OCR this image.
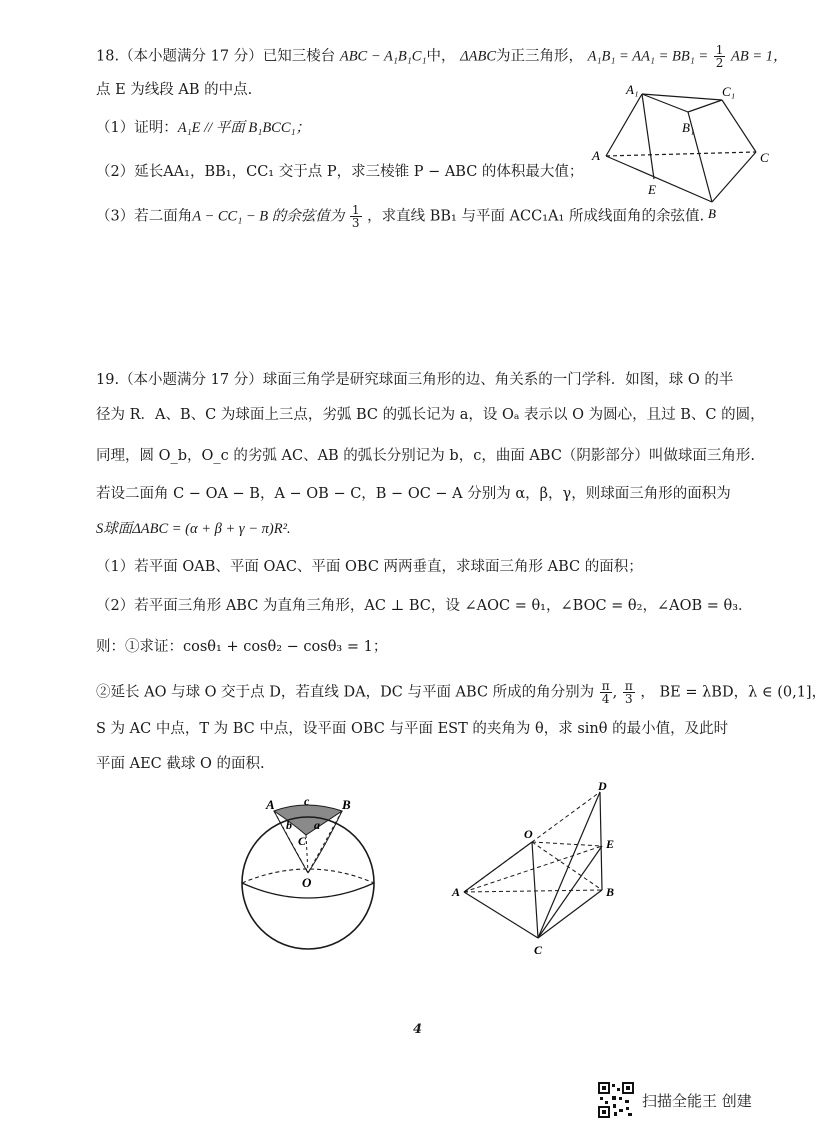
18.（本小题满分 17 分）已知三棱台 ABC − A₁B₁C₁中， ΔABC为正三角形， $A_1B_1 = AA_1 = BB_1 = \frac{1}{2}$ AB = 1，
点 E 为线段 AB 的中点.
（1）证明：A₁E // 平面 B₁BCC₁；
（2）延长AA₁，BB₁，CC₁ 交于点 P，求三棱锥 P − ABC 的体积最大值；
（3）若二面角A − CC₁ − B 的余弦值为 $\frac{1}{3}$ ，求直线 BB₁ 与平面 ACC₁A₁ 所成线面角的余弦值.
A₁	C₁
B₁
A	C
E
B
19.（本小题满分 17 分）球面三角学是研究球面三角形的边、角关系的一门学科．如图，球 O 的半
径为 R．A、B、C 为球面上三点，劣弧 BC 的弧长记为 a，设 Oₐ 表示以 O 为圆心，且过 B、C 的圆，
同理，圆 O_b，O_c 的劣弧 AC、AB 的弧长分别记为 b，c，曲面 ABC（阴影部分）叫做球面三角形.
若设二面角 C − OA − B，A − OB − C，B − OC − A 分别为 α，β，γ，则球面三角形的面积为
S球面ΔABC = (α + β + γ − π)R².
（1）若平面 OAB、平面 OAC、平面 OBC 两两垂直，求球面三角形 ABC 的面积；
（2）若平面三角形 ABC 为直角三角形，AC ⊥ BC，设 ∠AOC = θ₁，∠BOC = θ₂，∠AOB = θ₃．
则：①求证：cosθ₁ + cosθ₂ − cosθ₃ = 1；
②延长 AO 与球 O 交于点 D，若直线 DA，DC 与平面 ABC 所成的角分别为 $\frac{\pi}{4}$ , $\frac{\pi}{3}$ ， BE = λBD，λ ∈ (0,1]，
S 为 AC 中点，T 为 BC 中点，设平面 OBC 与平面 EST 的夹角为 θ，求 sinθ 的最小值，及此时
平面 AEC 截球 O 的面积.
A c	B
b a
C
O
D
O
E
A	B
C
4
扫描全能王 创建
